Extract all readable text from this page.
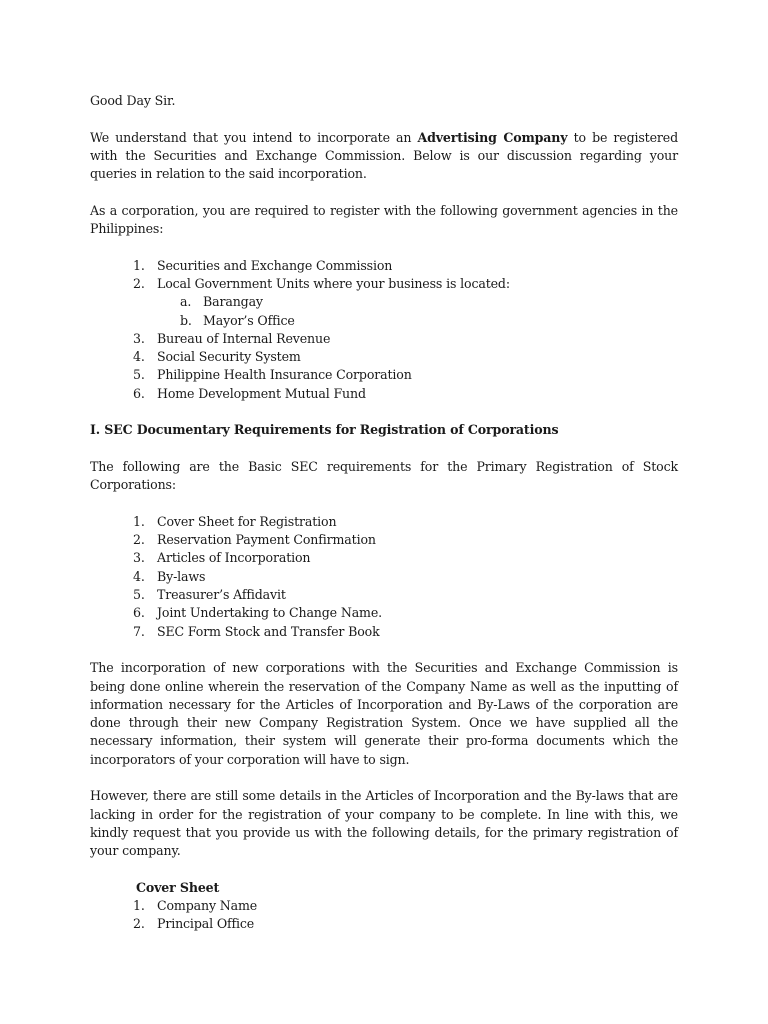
Good Day Sir.

We understand that you intend to incorporate an Advertising Company to be registered with the Securities and Exchange Commission. Below is our discussion regarding your queries in relation to the said incorporation.

As a corporation, you are required to register with the following government agencies in the Philippines:

1. Securities and Exchange Commission
2. Local Government Units where your business is located:
a. Barangay
b. Mayor’s Office
3. Bureau of Internal Revenue
4. Social Security System
5. Philippine Health Insurance Corporation
6. Home Development Mutual Fund
I. SEC Documentary Requirements for Registration of Corporations

The following are the Basic SEC requirements for the Primary Registration of Stock Corporations:

1. Cover Sheet for Registration
2. Reservation Payment Confirmation
3. Articles of Incorporation
4. By-laws
5. Treasurer’s Affidavit
6. Joint Undertaking to Change Name.
7. SEC Form Stock and Transfer Book

The incorporation of new corporations with the Securities and Exchange Commission is being done online wherein the reservation of the Company Name as well as the inputting of information necessary for the Articles of Incorporation and By-Laws of the corporation are done through their new Company Registration System. Once we have supplied all the necessary information, their system will generate their pro-forma documents which the incorporators of your corporation will have to sign.

However, there are still some details in the Articles of Incorporation and the By-laws that are lacking in order for the registration of your company to be complete. In line with this, we kindly request that you provide us with the following details, for the primary registration of your company.

Cover Sheet
1. Company Name
2. Principal Office
